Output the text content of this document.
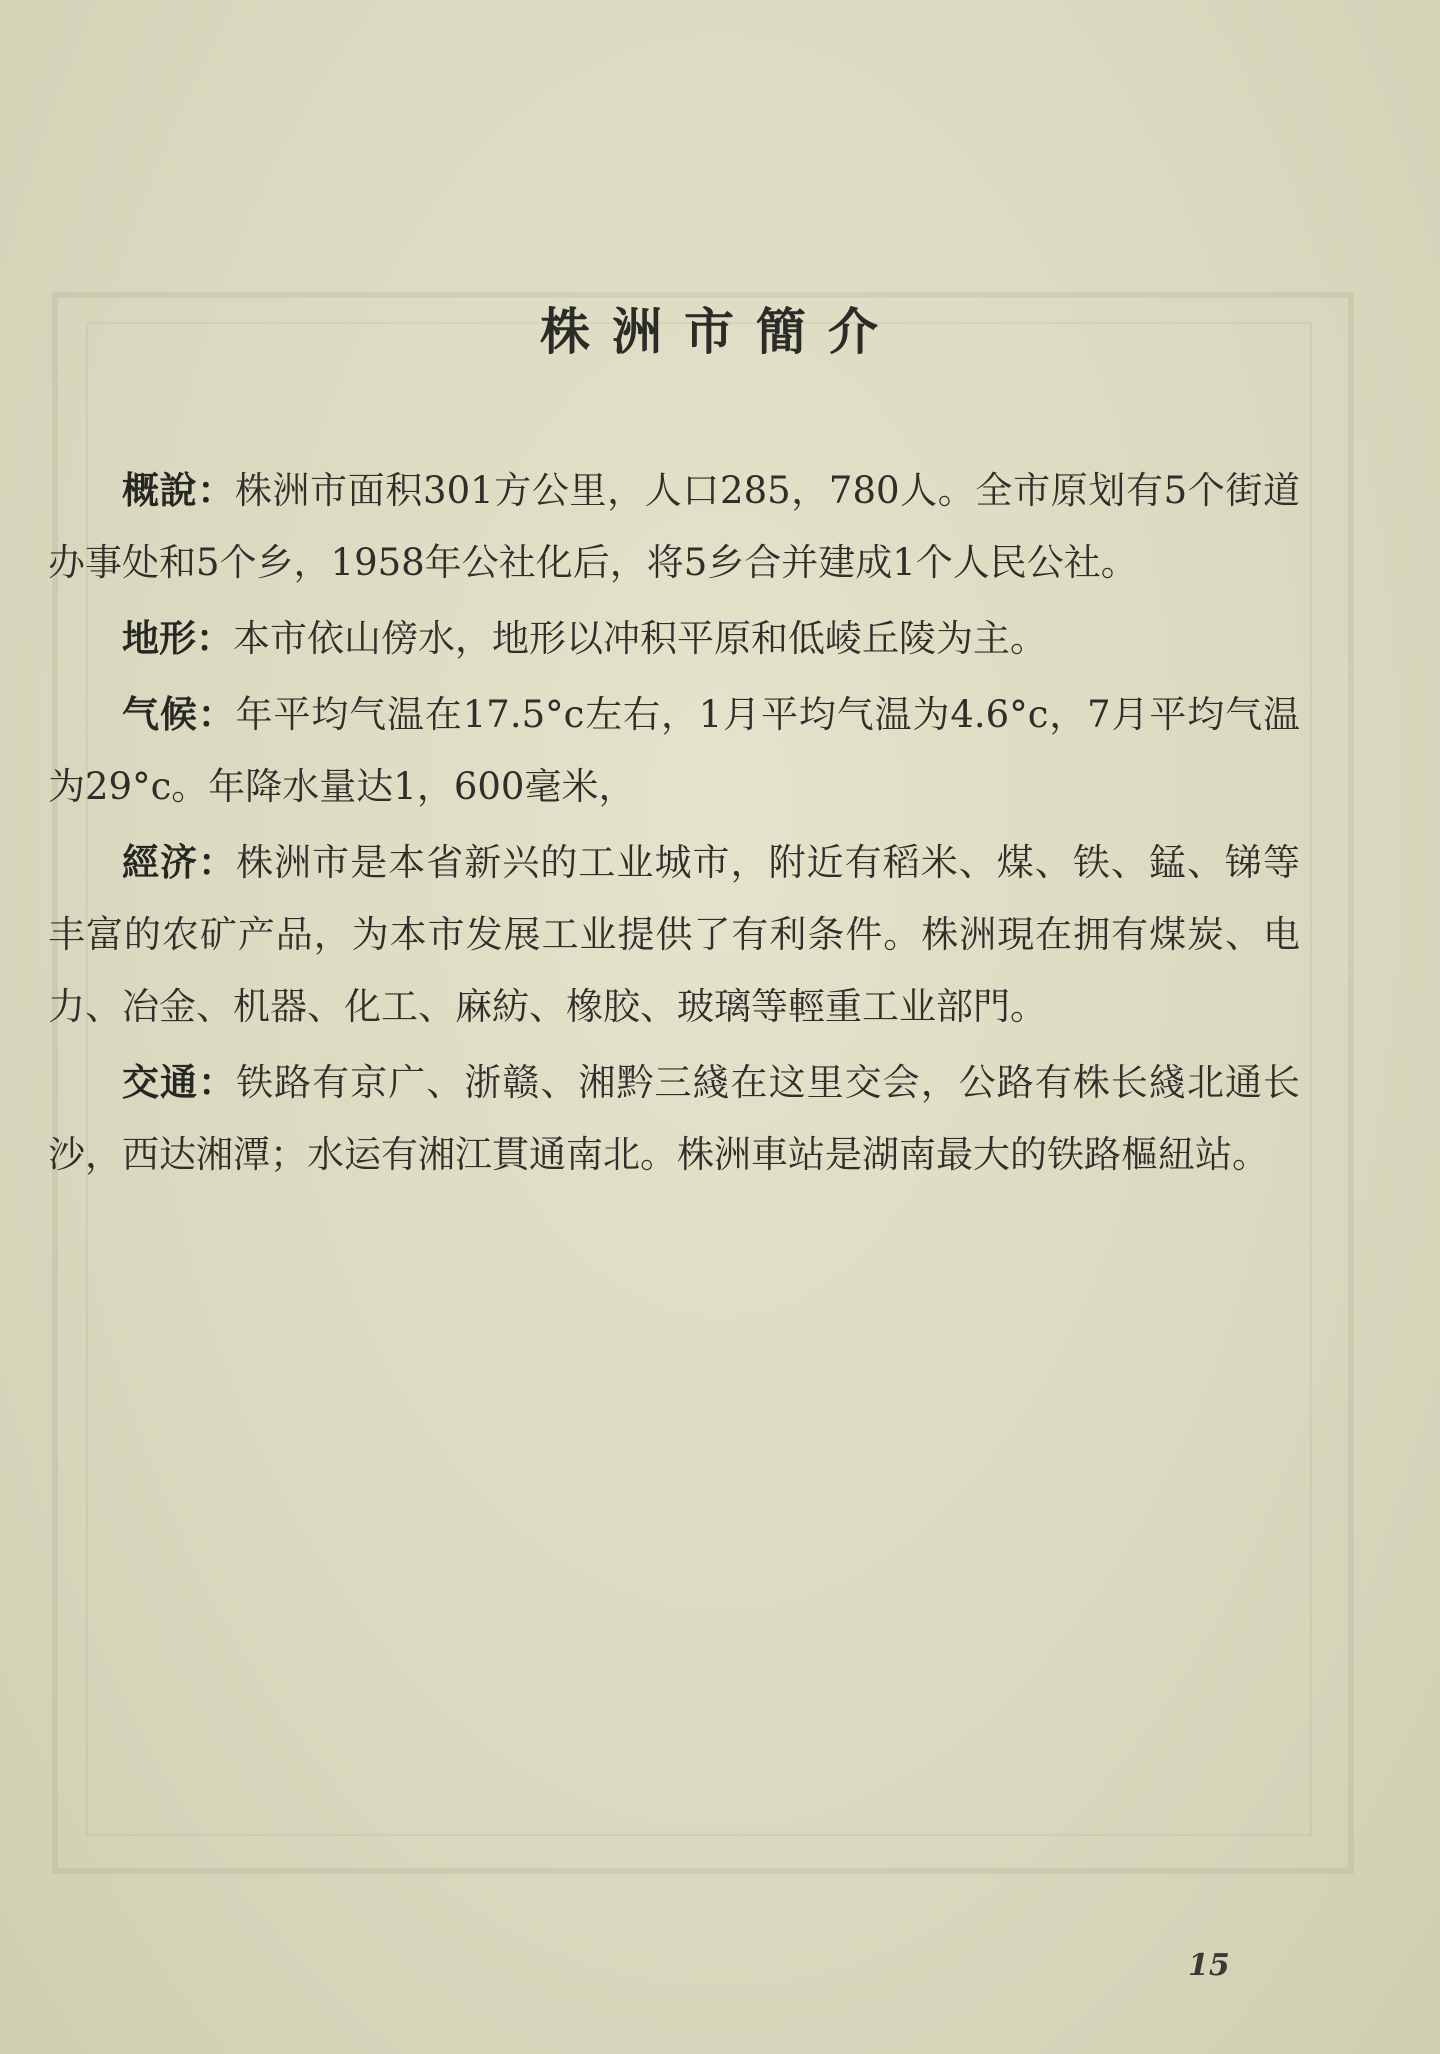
株洲市簡介

概說：株洲市面积301方公里，人口285，780人。全市原划有5个街道办事处和5个乡，1958年公社化后，将5乡合并建成1个人民公社。

地形：本市依山傍水，地形以冲积平原和低崚丘陵为主。

气候：年平均气温在17.5°c左右，1月平均气温为4.6°c，7月平均气温为29°c。年降水量达1，600毫米，

經济：株洲市是本省新兴的工业城市，附近有稻米、煤、铁、錳、锑等丰富的农矿产品，为本市发展工业提供了有利条件。株洲現在拥有煤炭、电力、冶金、机器、化工、麻紡、橡胶、玻璃等輕重工业部門。

交通：铁路有京广、浙赣、湘黔三綫在这里交会，公路有株长綫北通长沙，西达湘潭；水运有湘江貫通南北。株洲車站是湖南最大的铁路樞紐站。

15
